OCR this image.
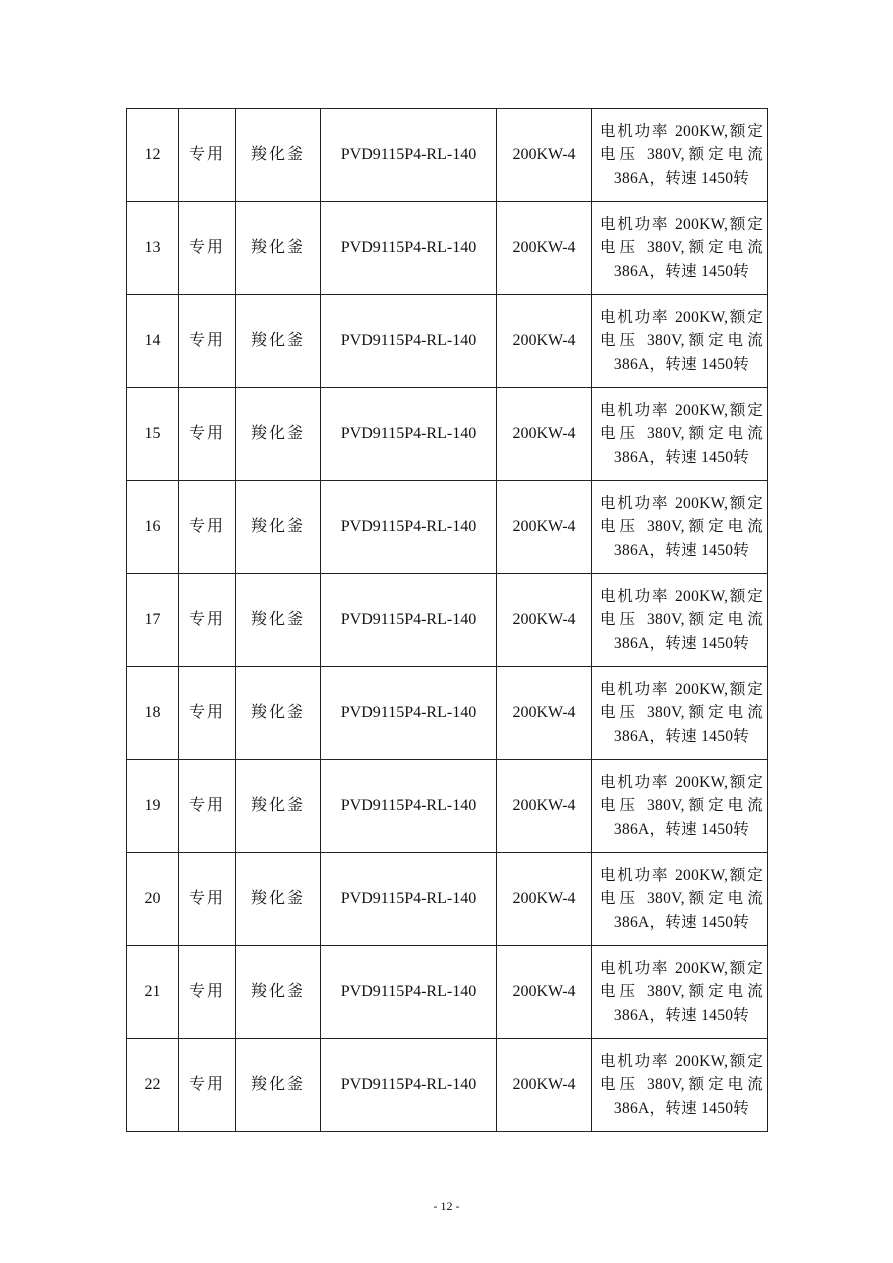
12	专用	羧化釜	PVD9115P4-RL-140	200KW-4	电机功率 200KW,额定电压 380V,额定电流 386A，转速 1450转
13	专用	羧化釜	PVD9115P4-RL-140	200KW-4	电机功率 200KW,额定电压 380V,额定电流 386A，转速 1450转
14	专用	羧化釜	PVD9115P4-RL-140	200KW-4	电机功率 200KW,额定电压 380V,额定电流 386A，转速 1450转
15	专用	羧化釜	PVD9115P4-RL-140	200KW-4	电机功率 200KW,额定电压 380V,额定电流 386A，转速 1450转
16	专用	羧化釜	PVD9115P4-RL-140	200KW-4	电机功率 200KW,额定电压 380V,额定电流 386A，转速 1450转
17	专用	羧化釜	PVD9115P4-RL-140	200KW-4	电机功率 200KW,额定电压 380V,额定电流 386A，转速 1450转
18	专用	羧化釜	PVD9115P4-RL-140	200KW-4	电机功率 200KW,额定电压 380V,额定电流 386A，转速 1450转
19	专用	羧化釜	PVD9115P4-RL-140	200KW-4	电机功率 200KW,额定电压 380V,额定电流 386A，转速 1450转
20	专用	羧化釜	PVD9115P4-RL-140	200KW-4	电机功率 200KW,额定电压 380V,额定电流 386A，转速 1450转
21	专用	羧化釜	PVD9115P4-RL-140	200KW-4	电机功率 200KW,额定电压 380V,额定电流 386A，转速 1450转
22	专用	羧化釜	PVD9115P4-RL-140	200KW-4	电机功率 200KW,额定电压 380V,额定电流 386A，转速 1450转
- 12 -
